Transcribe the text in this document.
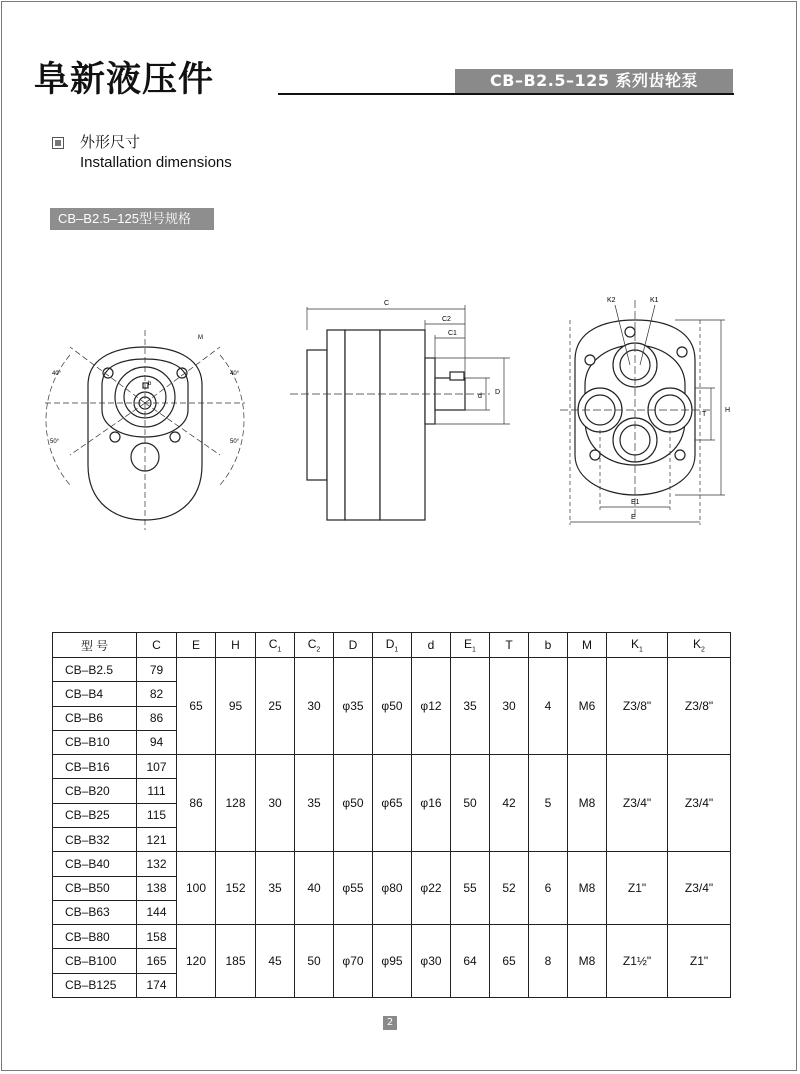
阜新液压件	CB–B2.5–125 系列齿轮泵
外形尺寸
Installation dimensions
CB–B2.5–125型号规格
M
b
40°	40°
50°	50°
C
C2
C1
d
D
K2	K1
E1
E
T
H
型 号	C	E	H	$C_1$	$C_2$	D	$D_1$	d	$E_1$	T	b	M	$K_1$	$K_2$
CB–B2.5	79	65	95	25	30	φ35	φ50	φ12	35	30	4	M6	Z3/8"	Z3/8"
CB–B4	82													
CB–B6	86													
CB–B10	94													
CB–B16	107	86	128	30	35	φ50	φ65	φ16	50	42	5	M8	Z3/4"	Z3/4"
CB–B20	111													
CB–B25	115													
CB–B32	121													
CB–B40	132	100	152	35	40	φ55	φ80	φ22	55	52	6	M8	Z1"	Z3/4"
CB–B50	138													
CB–B63	144													
CB–B80	158	120	185	45	50	φ70	φ95	φ30	64	65	8	M8	Z1½"	Z1"
CB–B100	165													
CB–B125	174													
2
